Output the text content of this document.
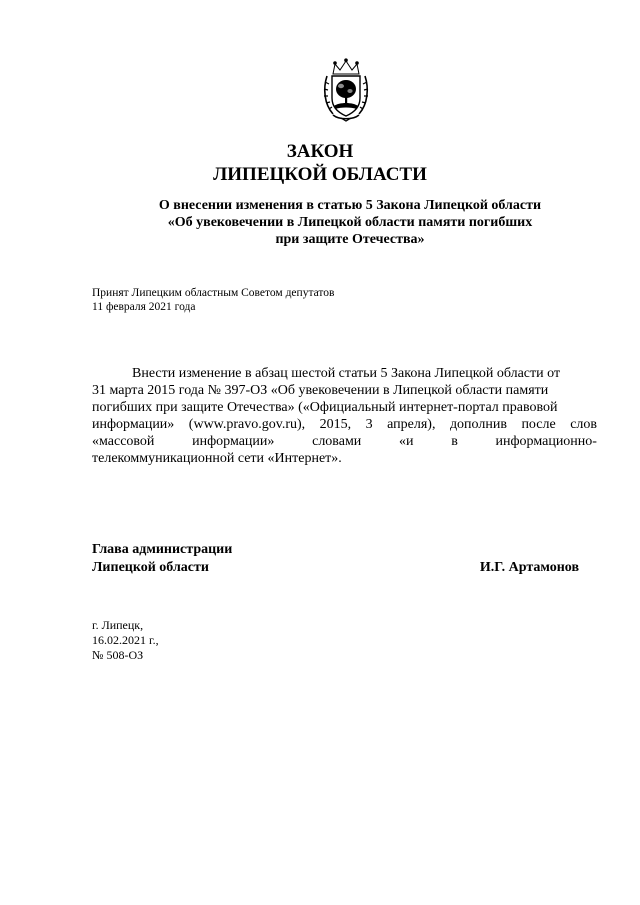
ЗАКОН
ЛИПЕЦКОЙ ОБЛАСТИ
О внесении изменения в статью 5 Закона Липецкой области
«Об увековечении в Липецкой области памяти погибших
при защите Отечества»
Принят Липецким областным Советом депутатов
11 февраля 2021 года
Внести изменение в абзац шестой статьи 5 Закона Липецкой области от
31 марта 2015 года № 397-ОЗ «Об увековечении в Липецкой области памяти
погибших при защите Отечества» («Официальный интернет-портал правовой
информации» (www.pravo.gov.ru), 2015, 3 апреля), дополнив после слов
«массовой	информации»	словами	«и	в	информационно-
телекоммуникационной сети «Интернет».
Глава администрации
Липецкой области	И.Г. Артамонов
г. Липецк,
16.02.2021 г.,
№ 508-ОЗ
